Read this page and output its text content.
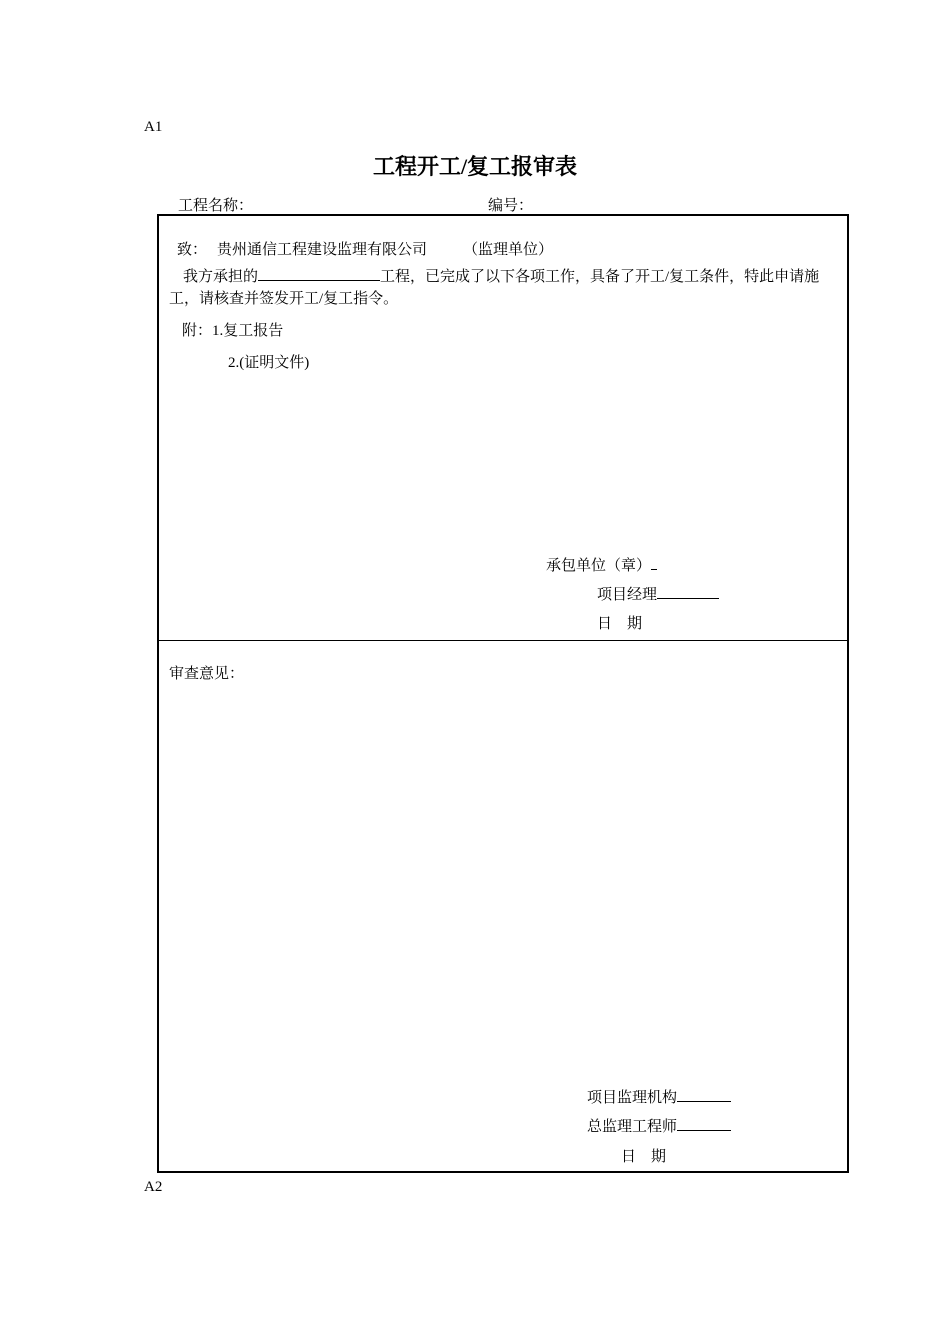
A1
工程开工/复工报审表
工程名称：	编号：
致： 贵州通信工程建设监理有限公司 （监理单位）
我方承担的	工程，已完成了以下各项工作，具备了开工/复工条件，特此申请施工，请核查并签发开工/复工指令。
附：1.复工报告
2.(证明文件)
承包单位（章）
项目经理
日　期
审查意见：
项目监理机构
总监理工程师
日　期
A2
